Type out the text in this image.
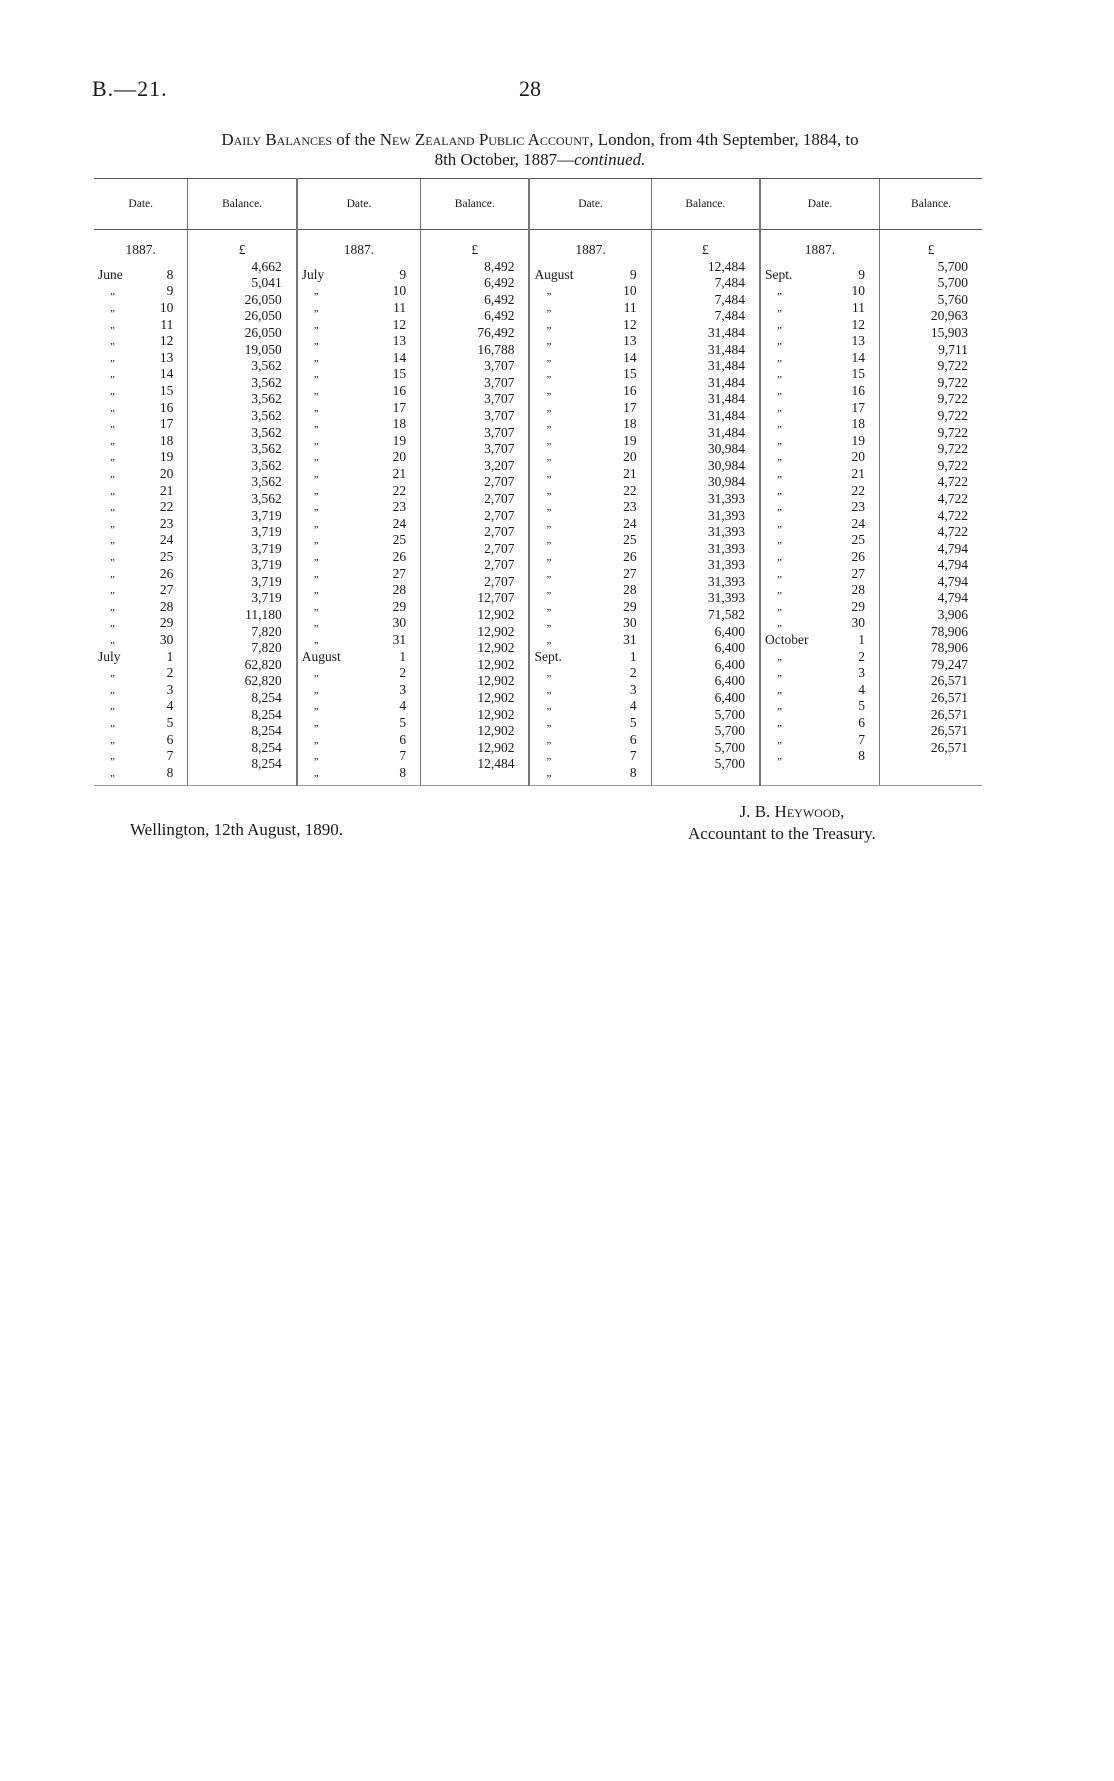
B.—21.	28
Daily Balances of the New Zealand Public Account, London, from 4th September, 1884, to
8th October, 1887—continued.
Date.	Balance.	Date.	Balance.	Date.	Balance.	Date.	Balance.

1887.	£	1887.	£	1887.	£	1887.	£

June 8	4,662	July 9	8,492	August 9	12,484	Sept. 9	5,700

„ 9	5,041	„ 10	6,492	„ 10	7,484	„ 10	5,700

„ 10	26,050	„ 11	6,492	„ 11	7,484	„ 11	5,760

„ 11	26,050	„ 12	6,492	„ 12	7,484	„ 12	20,963

„ 12	26,050	„ 13	76,492	„ 13	31,484	„ 13	15,903

„ 13	19,050	„ 14	16,788	„ 14	31,484	„ 14	9,711

„ 14	3,562	„ 15	3,707	„ 15	31,484	„ 15	9,722

„ 15	3,562	„ 16	3,707	„ 16	31,484	„ 16	9,722

„ 16	3,562	„ 17	3,707	„ 17	31,484	„ 17	9,722

„ 17	3,562	„ 18	3,707	„ 18	31,484	„ 18	9,722

„ 18	3,562	„ 19	3,707	„ 19	31,484	„ 19	9,722

„ 19	3,562	„ 20	3,707	„ 20	30,984	„ 20	9,722

„ 20	3,562	„ 21	3,207	„ 21	30,984	„ 21	9,722

„ 21	3,562	„ 22	2,707	„ 22	30,984	„ 22	4,722

„ 22	3,562	„ 23	2,707	„ 23	31,393	„ 23	4,722

„ 23	3,719	„ 24	2,707	„ 24	31,393	„ 24	4,722

„ 24	3,719	„ 25	2,707	„ 25	31,393	„ 25	4,722

„ 25	3,719	„ 26	2,707	„ 26	31,393	„ 26	4,794

„ 26	3,719	„ 27	2,707	„ 27	31,393	„ 27	4,794

„ 27	3,719	„ 28	2,707	„ 28	31,393	„ 28	4,794

„ 28	3,719	„ 29	12,707	„ 29	31,393	„ 29	4,794

„ 29	11,180	„ 30	12,902	„ 30	71,582	„ 30	3,906

„ 30	7,820	„ 31	12,902	„ 31	6,400	October 1	78,906

July 1	7,820	August 1	12,902	Sept. 1	6,400	„ 2	78,906

„ 2	62,820	„ 2	12,902	„ 2	6,400	„ 3	79,247

„ 3	62,820	„ 3	12,902	„ 3	6,400	„ 4	26,571

„ 4	8,254	„ 4	12,902	„ 4	6,400	„ 5	26,571

„ 5	8,254	„ 5	12,902	„ 5	5,700	„ 6	26,571

„ 6	8,254	„ 6	12,902	„ 6	5,700	„ 7	26,571

„ 7	8,254	„ 7	12,902	„ 7	5,700	„ 8	26,571

„ 8	8,254	„ 8	12,484	„ 8	5,700	

Wellington, 12th August, 1890.
J. B. Heywood,
Accountant to the Treasury.
